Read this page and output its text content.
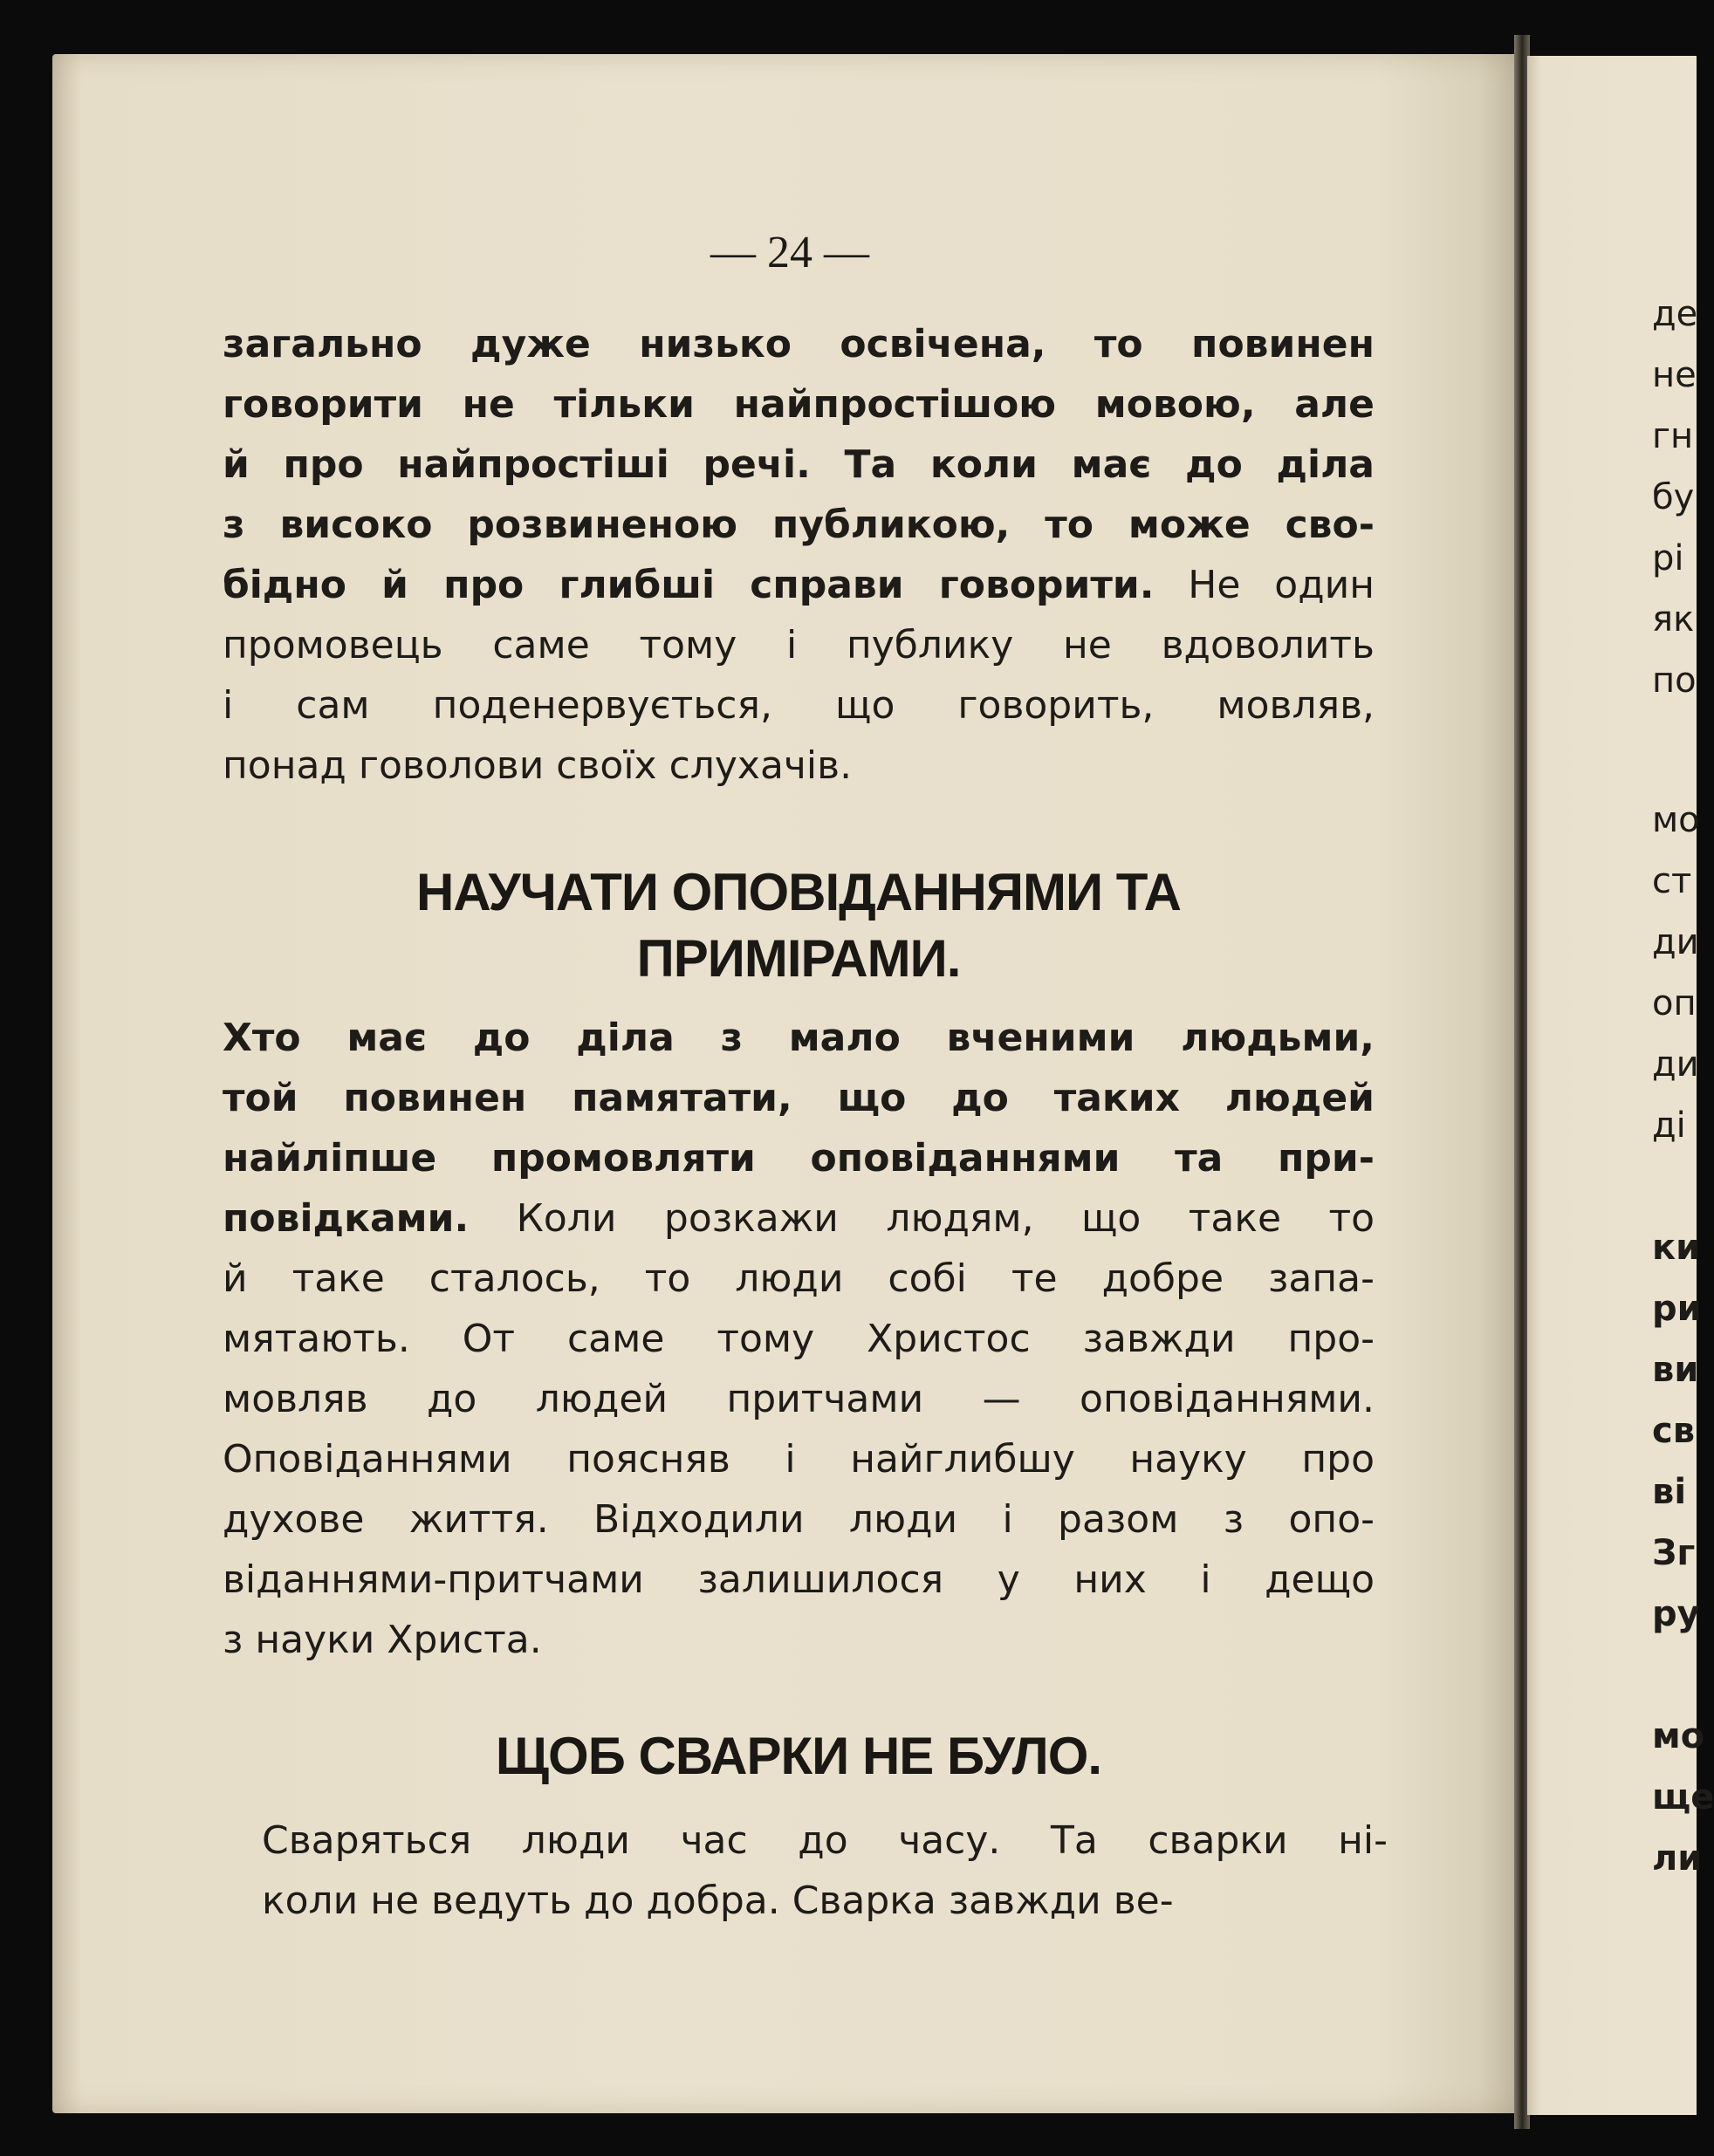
— 24 —
загально дуже низько освічена, то повинен
говорити не тільки найпростішою мовою, але
й про найпростіші речі. Та коли має до діла
з високо розвиненою публикою, то може сво-
бідно й про глибші справи говорити. Не один
промовець саме тому і публику не вдоволить
і сам поденервується, що говорить, мовляв,
понад говолови своїх слухачів.
НАУЧАТИ ОПОВІДАННЯМИ ТА
ПРИМІРАМИ.
Хто має до діла з мало вченими людьми,
той повинен памятати, що до таких людей
найліпше промовляти оповіданнями та при-
повідками. Коли розкажи людям, що таке то
й таке сталось, то люди собі те добре запа-
мятають. От саме тому Христос завжди про-
мовляв до людей притчами — оповіданнями.
Оповіданнями поясняв і найглибшу науку про
духове життя. Відходили люди і разом з опо-
віданнями-притчами залишилося у них і дещо
з науки Христа.
ЩОБ СВАРКИ НЕ БУЛО.
Сваряться люди час до часу. Та сварки ні-
коли не ведуть до добра. Сварка завжди ве-
де
не
гн
бу
рі
як
по
мо
ст
ди
оп
ди
ді
ки
ри
ви
св
ві
Зг
ру
мо
ще
ли
